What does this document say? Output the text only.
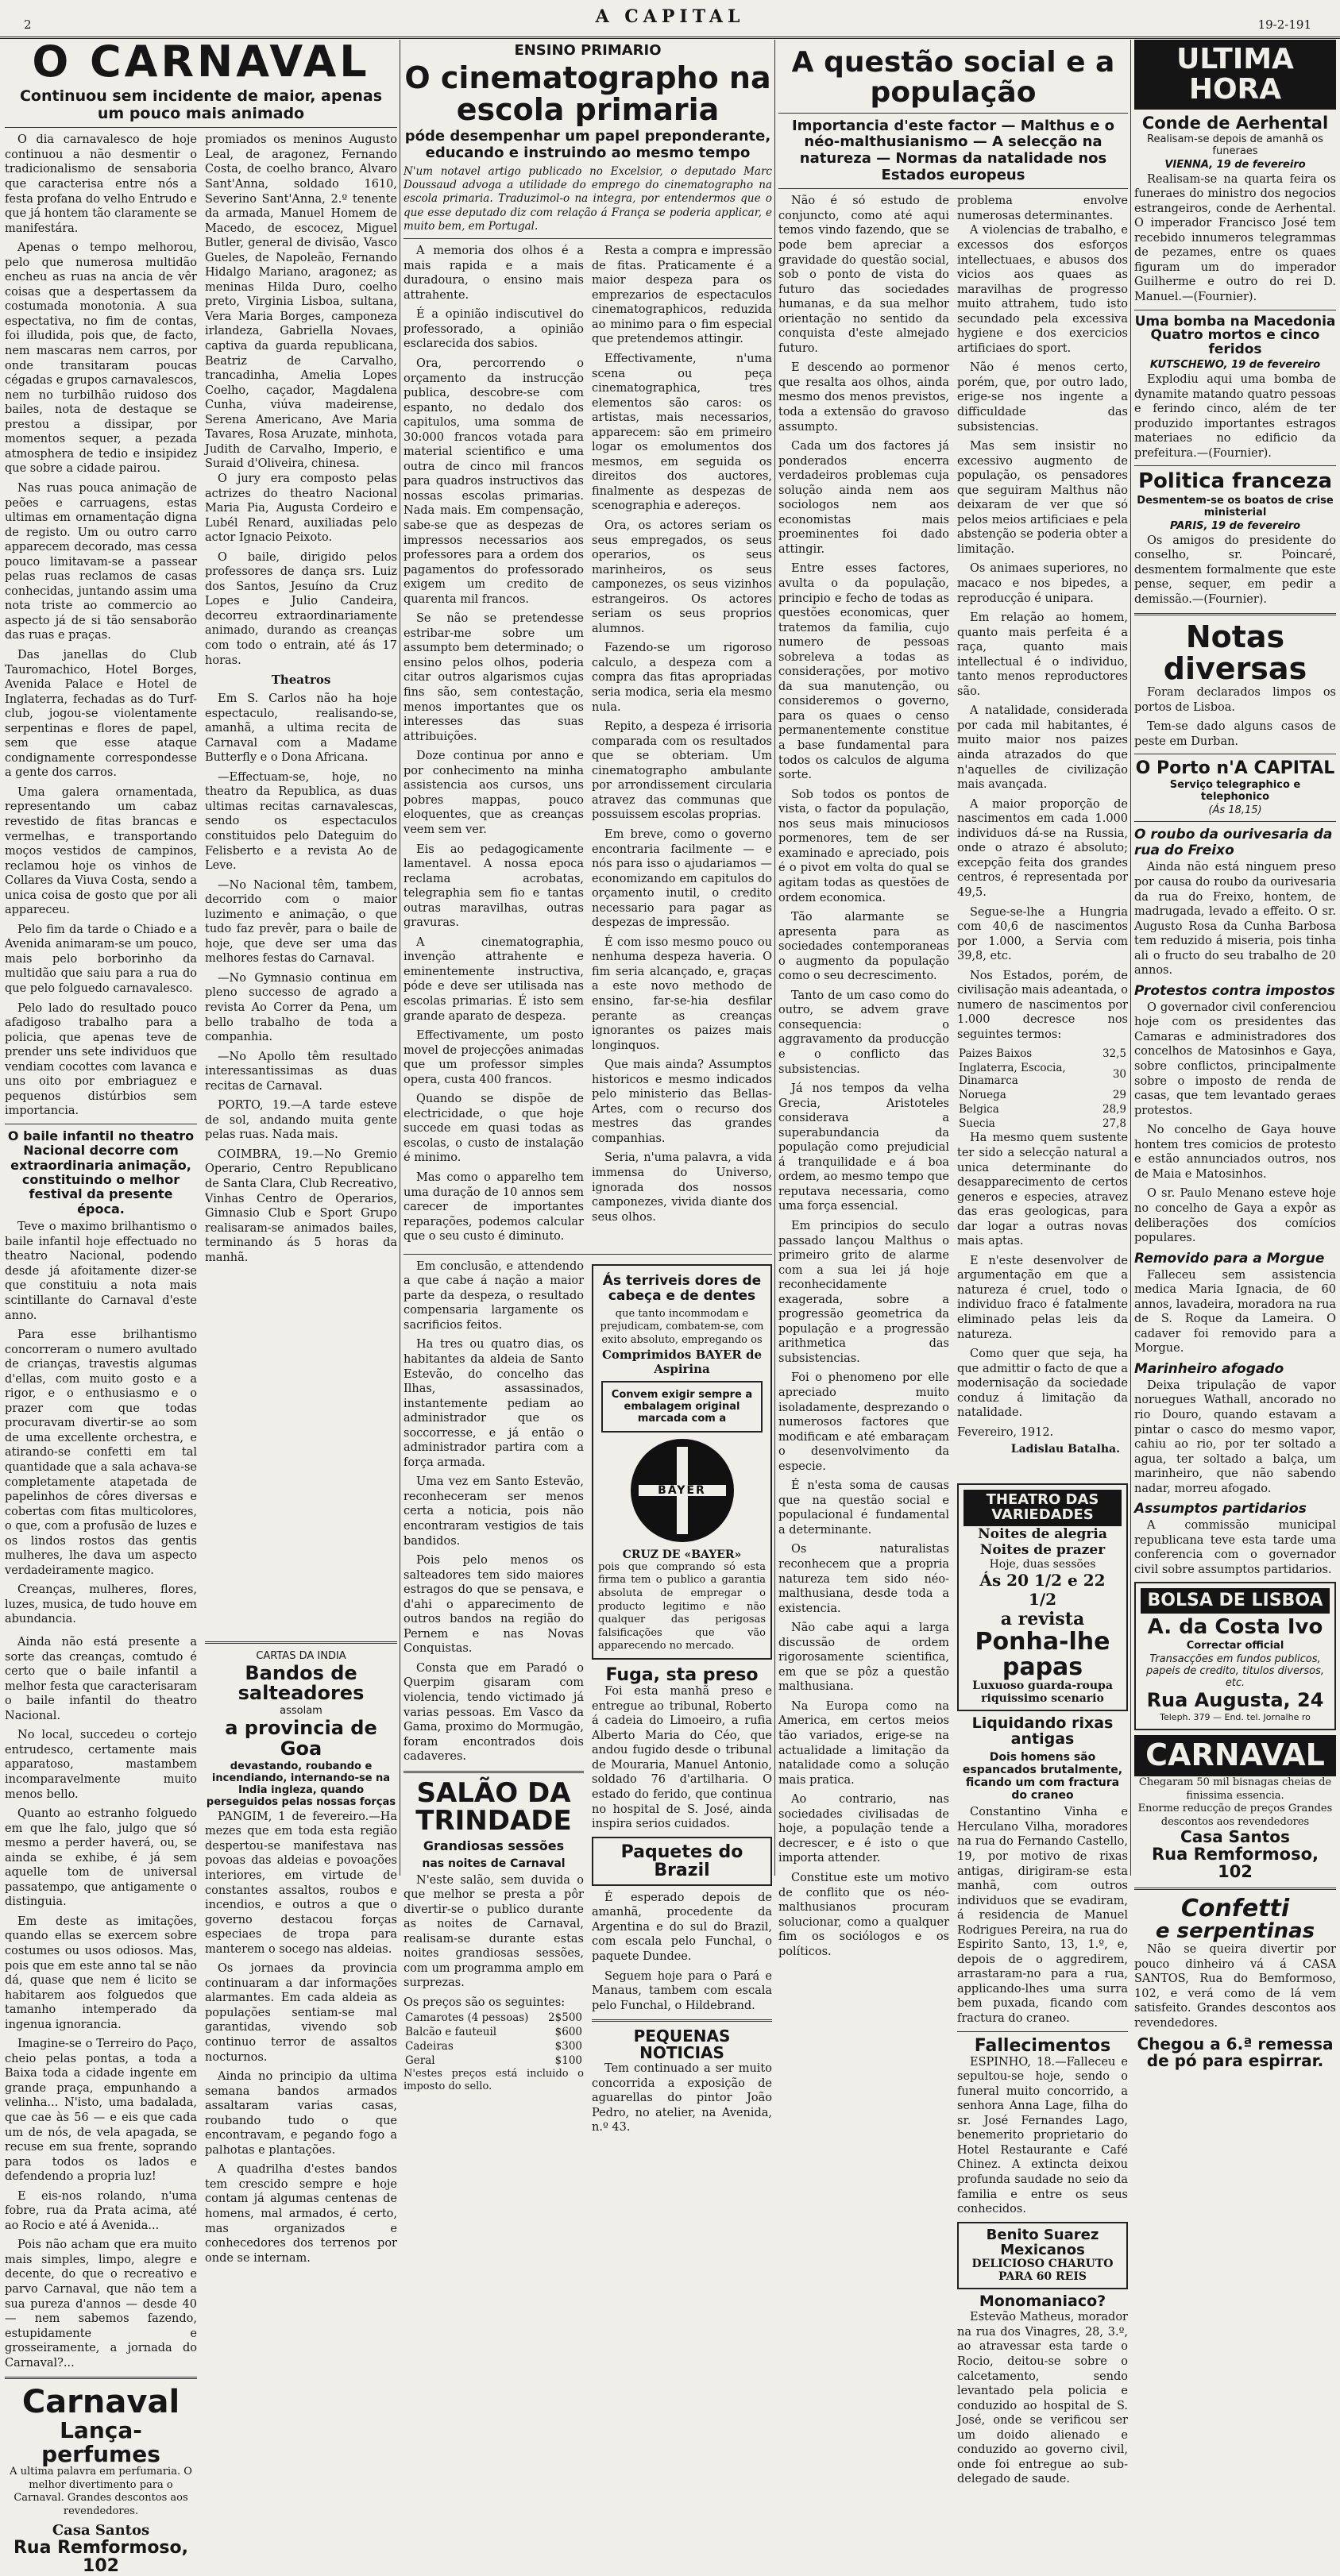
2	A CAPITAL	19-2-191
O CARNAVAL
Continuou sem incidente de maior, apenas um pouco mais animado

O dia carnavalesco de hoje continuou a não desmentir o tradicionalismo de sensaboria que caracterisa entre nós a festa profana do velho Entrudo e que já hontem tão claramente se manifestára.

Apenas o tempo melhorou, pelo que numerosa multidão encheu as ruas na ancia de vêr coisas que a despertassem da costumada monotonia. A sua espectativa, no fim de contas, foi illudida, pois que, de facto, nem mascaras nem carros, por onde transitaram poucas cégadas e grupos carnavalescos, nem no turbilhão ruidoso dos bailes, nota de destaque se prestou a dissipar, por momentos sequer, a pezada atmosphera de tedio e insipidez que sobre a cidade pairou.

Nas ruas pouca animação de peões e carruagens, estas ultimas em ornamentação digna de registo. Um ou outro carro apparecem decorado, mas cessa pouco limitavam-se a passear pelas ruas reclamos de casas conhecidas, juntando assim uma nota triste ao commercio ao aspecto já de si tão sensaborão das ruas e praças.

Das janellas do Club Tauromachico, Hotel Borges, Avenida Palace e Hotel de Inglaterra, fechadas as do Turf-club, jogou-se violentamente serpentinas e flores de papel, sem que esse ataque condignamente correspondesse a gente dos carros.

Uma galera ornamentada, representando um cabaz revestido de fitas brancas e vermelhas, e transportando moços vestidos de campinos, reclamou hoje os vinhos de Collares da Viuva Costa, sendo a unica coisa de gosto que por ali appareceu.

Pelo fim da tarde o Chiado e a Avenida animaram-se um pouco, mais pelo borborinho da multidão que saiu para a rua do que pelo folguedo carnavalesco.

Pelo lado do resultado pouco afadigoso trabalho para a policia, que apenas teve de prender uns sete individuos que vendiam cocottes com lavanca e uns oito por embriaguez e pequenos distúrbios sem importancia.

O baile infantil no theatro Nacional decorre com extraordinaria animação, constituindo o melhor festival da presente época.

Teve o maximo brilhantismo o baile infantil hoje effectuado no theatro Nacional, podendo desde já afoitamente dizer-se que constituiu a nota mais scintillante do Carnaval d'este anno.

Para esse brilhantismo concorreram o numero avultado de crianças, travestis algumas d'ellas, com muito gosto e a rigor, e o enthusiasmo e o prazer com que todas procuravam divertir-se ao som de uma excellente orchestra, e atirando-se confetti em tal quantidade que a sala achava-se completamente atapetada de papelinhos de côres diversas e cobertas com fitas multicolores, o que, com a profusão de luzes e os lindos rostos das gentis mulheres, lhe dava um aspecto verdadeiramente magico.

Creanças, mulheres, flores, luzes, musica, de tudo houve em abundancia.

promiados os meninos Augusto Leal, de aragonez, Fernando Costa, de coelho branco, Alvaro Sant'Anna, soldado 1610, Severino Sant'Anna, 2.º tenente da armada, Manuel Homem de Macedo, de escocez, Miguel Butler, general de divisão, Vasco Gueles, de Napoleão, Fernando Hidalgo Mariano, aragonez; as meninas Hilda Duro, coelho preto, Virginia Lisboa, sultana, Vera Maria Borges, camponeza irlandeza, Gabriella Novaes, captiva da guarda republicana, Beatriz de Carvalho, trancadinha, Amelia Lopes Coelho, caçador, Magdalena Cunha, viúva madeirense, Serena Americano, Ave Maria Tavares, Rosa Aruzate, minhota, Judith de Carvalho, Imperio, e Suraid d'Oliveira, chinesa.

O jury era composto pelas actrizes do theatro Nacional Maria Pia, Augusta Cordeiro e Lubél Renard, auxiliadas pelo actor Ignacio Peixoto.

O baile, dirigido pelos professores de dança srs. Luiz dos Santos, Jesuíno da Cruz Lopes e Julio Candeira, decorreu extraordinariamente animado, durando as creanças com todo o entrain, até ás 17 horas.

Theatros

Em S. Carlos não ha hoje espectaculo, realisando-se, amanhã, a ultima recita de Carnaval com a Madame Butterfly e o Dona Africana.

—Effectuam-se, hoje, no theatro da Republica, as duas ultimas recitas carnavalescas, sendo os espectaculos constituidos pelo Dateguim do Felisberto e a revista Ao de Leve.

—No Nacional têm, tambem, decorrido com o maior luzimento e animação, o que tudo faz prevêr, para o baile de hoje, que deve ser uma das melhores festas do Carnaval.

—No Gymnasio continua em pleno successo de agrado a revista Ao Correr da Pena, um bello trabalho de toda a companhia.

—No Apollo têm resultado interessantissimas as duas recitas de Carnaval.

PORTO, 19.—A tarde esteve de sol, andando muita gente pelas ruas. Nada mais.

COIMBRA, 19.—No Gremio Operario, Centro Republicano de Santa Clara, Club Recreativo, Vinhas Centro de Operarios, Gimnasio Club e Sport Grupo realisaram-se animados bailes, terminando ás 5 horas da manhã.

Ainda não está presente a sorte das creanças, comtudo é certo que o baile infantil a melhor festa que caracterisaram o baile infantil do theatro Nacional.

No local, succedeu o cortejo entrudesco, certamente mais apparatoso, mastambem incomparavelmente muito menos bello.

Quanto ao estranho folguedo em que lhe falo, julgo que só mesmo a perder haverá, ou, se ainda se exhibe, é já sem aquelle tom de universal passatempo, que antigamente o distinguia.

Em deste as imitações, quando ellas se exercem sobre costumes ou usos odiosos. Mas, pois que em este anno tal se não dá, quase que nem é licito se habitarem aos folguedos que tamanho intemperado da ingenua ignorancia.

Imagine-se o Terreiro do Paço, cheio pelas pontas, a toda a Baixa toda a cidade ingente em grande praça, empunhando a velinha... N'isto, uma badalada, que cae às 56 — e eis que cada um de nós, de vela apagada, se recuse em sua frente, soprando para todos os lados e defendendo a propria luz!

E eis-nos rolando, n'uma fobre, rua da Prata acima, até ao Rocio e até á Avenida...

Pois não acham que era muito mais simples, limpo, alegre e decente, do que o recreativo e parvo Carnaval, que não tem a sua pureza d'annos — desde 40 — nem sabemos fazendo, estupidamente e grosseiramente, a jornada do Carnaval?...

Carnaval
Lança-perfumes

A ultima palavra em perfumaria. O melhor divertimento para o Carnaval. Grandes descontos aos revendedores.

Casa Santos
Rua Remformoso, 102
CARTAS DA INDIA
Bandos de salteadores
assolam
a provincia de Goa
devastando, roubando e incendiando, internando-se na India ingleza, quando perseguidos pelas nossas forças

PANGIM, 1 de fevereiro.—Ha mezes que em toda esta região despertou-se manifestava nas povoas das aldeias e povoações interiores, em virtude de constantes assaltos, roubos e incendios, e outros a que o governo destacou forças especiaes de tropa para manterem o socego nas aldeias.

Os jornaes da provincia continuaram a dar informações alarmantes. Em cada aldeia as populações sentiam-se mal garantidas, vivendo sob continuo terror de assaltos nocturnos.

Ainda no principio da ultima semana bandos armados assaltaram varias casas, roubando tudo o que encontravam, e pegando fogo a palhotas e plantações.

A quadrilha d'estes bandos tem crescido sempre e hoje contam já algumas centenas de homens, mal armados, é certo, mas organizados e conhecedores dos terrenos por onde se internam.

ENSINO PRIMARIO
O cinematographo na escola primaria
póde desempenhar um papel preponderante, educando e instruindo ao mesmo tempo

N'um notavel artigo publicado no Excelsior, o deputado Marc Doussaud advoga a utilidade do emprego do cinematographo na escola primaria. Traduzimol-o na integra, por entendermos que o que esse deputado diz com relação á França se poderia applicar, e muito bem, em Portugal.

A memoria dos olhos é a mais rapida e a mais duradoura, o ensino mais attrahente.

É a opinião indiscutivel do professorado, a opinião esclarecida dos sabios.

Ora, percorrendo o orçamento da instrucção publica, descobre-se com espanto, no dedalo dos capitulos, uma somma de 30:000 francos votada para material scientifico e uma outra de cinco mil francos para quadros instructivos das nossas escolas primarias. Nada mais. Em compensação, sabe-se que as despezas de impressos necessarios aos professores para a ordem dos pagamentos do professorado exigem um credito de quarenta mil francos.

Se não se pretendesse estribar-me sobre um assumpto bem determinado; o ensino pelos olhos, poderia citar outros algarismos cujas fins são, sem contestação, menos importantes que os interesses das suas attribuições.

Doze continua por anno e por conhecimento na minha assistencia aos cursos, uns pobres mappas, pouco eloquentes, que as creanças veem sem ver.

Eis ao pedagogicamente lamentavel. A nossa epoca reclama acrobatas, telegraphia sem fio e tantas outras maravilhas, outras gravuras.

A cinematographia, invenção attrahente e eminentemente instructiva, póde e deve ser utilisada nas escolas primarias. É isto sem grande aparato de despeza.

Effectivamente, um posto movel de projecções animadas que um professor simples opera, custa 400 francos.

Quando se dispõe de electricidade, o que hoje succede em quasi todas as escolas, o custo de instalação é minimo.

Mas como o apparelho tem uma duração de 10 annos sem carecer de importantes reparações, podemos calcular que o seu custo é diminuto.

Resta a compra e impressão de fitas. Praticamente é a maior despeza para os emprezarios de espectaculos cinematographicos, reduzida ao minimo para o fim especial que pretendemos attingir.

Effectivamente, n'uma scena ou peça cinematographica, tres elementos são caros: os artistas, mais necessarios, apparecem: são em primeiro logar os emolumentos dos mesmos, em seguida os direitos dos auctores, finalmente as despezas de scenographia e adereços.

Ora, os actores seriam os seus empregados, os seus operarios, os seus marinheiros, os seus camponezes, os seus vizinhos estrangeiros. Os actores seriam os seus proprios alumnos.

Fazendo-se um rigoroso calculo, a despeza com a compra das fitas apropriadas seria modica, seria ela mesmo nula.

Repito, a despeza é irrisoria comparada com os resultados que se obteriam. Um cinematographo ambulante por arrondissement circularia atravez das communas que possuissem escolas proprias.

Em breve, como o governo encontraria facilmente — e nós para isso o ajudariamos — economizando em capitulos do orçamento inutil, o credito necessario para pagar as despezas de impressão.

É com isso mesmo pouco ou nenhuma despeza haveria. O fim seria alcançado, e, graças a este novo methodo de ensino, far-se-hia desfilar perante as creanças ignorantes os paizes mais longinquos.

Que mais ainda? Assumptos historicos e mesmo indicados pelo ministerio das Bellas-Artes, com o recurso dos mestres das grandes companhias.

Seria, n'uma palavra, a vida immensa do Universo, ignorada dos nossos camponezes, vivida diante dos seus olhos.

Em conclusão, e attendendo a que cabe á nação a maior parte da despeza, o resultado compensaria largamente os sacrificios feitos.

Ha tres ou quatro dias, os habitantes da aldeia de Santo Estevão, do concelho das Ilhas, assassinados, instantemente pediam ao administrador que os soccorresse, e já então o administrador partira com a força armada.

Uma vez em Santo Estevão, reconheceram ser menos certa a noticia, pois não encontraram vestigios de tais bandidos.

Pois pelo menos os salteadores tem sido maiores estragos do que se pensava, e d'ahi o apparecimento de outros bandos na região do Pernem e nas Novas Conquistas.

Consta que em Paradó o Querpim gisaram com violencia, tendo victimado já varias pessoas. Em Vasco da Gama, proximo do Mormugão, foram encontrados dois cadaveres.

SALÃO DA TRINDADE
Grandiosas sessões
nas noites de Carnaval

N'este salão, sem duvida o que melhor se presta a pôr divertir-se o publico durante as noites de Carnaval, realisam-se durante estas noites grandiosas sessões, com um programma amplo em surprezas.

Os preços são os seguintes:

Camarotes (4 pessoas)	2$500
Balcão e fauteuil	$600
Cadeiras	$300
Geral	$100

N'estes preços está incluido o imposto do sello.

Ás terriveis dores de cabeça e de dentes

que tanto incommodam e prejudicam, combatem-se, com exito absoluto, empregando os

Comprimidos BAYER de Aspirina
Convem exigir sempre a embalagem original marcada com a
BAYER
CRUZ DE «BAYER»

pois que comprando só esta firma tem o publico a garantia absoluta de empregar o producto legitimo e não qualquer das perigosas falsificações que vão apparecendo no mercado.

Fuga, sta preso

Foi esta manhã preso e entregue ao tribunal, Roberto á cadeia do Limoeiro, a rufia Alberto Maria do Céo, que andou fugido desde o tribunal de Mouraria, Manuel Antonio, soldado 76 d'artilharia. O estado do ferido, que continua no hospital de S. José, ainda inspira serios cuidados.

Paquetes do Brazil

É esperado depois de amanhã, procedente da Argentina e do sul do Brazil, com escala pelo Funchal, o paquete Dundee.

Seguem hoje para o Pará e Manaus, tambem com escala pelo Funchal, o Hildebrand.

PEQUENAS NOTICIAS

Tem continuado a ser muito concorrida a exposição de aguarellas do pintor João Pedro, no atelier, na Avenida, n.º 43.

A questão social e a população
Importancia d'este factor — Malthus e o néo-malthusianismo — A selecção na natureza — Normas da natalidade nos Estados europeus

Não é só estudo de conjuncto, como até aqui temos vindo fazendo, que se pode bem apreciar a gravidade do questão social, sob o ponto de vista do futuro das sociedades humanas, e da sua melhor orientação no sentido da conquista d'este almejado futuro.

E descendo ao pormenor que resalta aos olhos, ainda mesmo dos menos previstos, toda a extensão do gravoso assumpto.

Cada um dos factores já ponderados encerra verdadeiros problemas cuja solução ainda nem aos sociologos nem aos economistas mais proeminentes foi dado attingir.

Entre esses factores, avulta o da população, principio e fecho de todas as questões economicas, quer tratemos da familia, cujo numero de pessoas sobreleva a todas as considerações, por motivo da sua manutenção, ou consideremos o governo, para os quaes o censo permanentemente constitue a base fundamental para todos os calculos de alguma sorte.

Sob todos os pontos de vista, o factor da população, nos seus mais minuciosos pormenores, tem de ser examinado e apreciado, pois é o pivot em volta do qual se agitam todas as questões de ordem economica.

Tão alarmante se apresenta para as sociedades contemporaneas o augmento da população como o seu decrescimento.

Tanto de um caso como do outro, se advem grave consequencia: o aggravamento da producção e o conflicto das subsistencias.

Já nos tempos da velha Grecia, Aristoteles considerava a superabundancia da população como prejudicial á tranquilidade e á boa ordem, ao mesmo tempo que reputava necessaria, como uma força essencial.

Em principios do seculo passado lançou Malthus o primeiro grito de alarme com a sua lei já hoje reconhecidamente exagerada, sobre a progressão geometrica da população e a progressão arithmetica das subsistencias.

Foi o phenomeno por elle apreciado muito isoladamente, desprezando o numerosos factores que modificam e até embaraçam o desenvolvimento da especie.

problema envolve numerosas determinantes.

A violencias de trabalho, e excessos dos esforços intellectuaes, e abusos dos vicios aos quaes as maravilhas de progresso muito attrahem, tudo isto secundado pela excessiva hygiene e dos exercicios artificiaes do sport.

Não é menos certo, porém, que, por outro lado, erige-se nos ingente a difficuldade das subsistencias.

Mas sem insistir no excessivo augmento de população, os pensadores que seguiram Malthus não deixaram de ver que só pelos meios artificiaes e pela abstenção se poderia obter a limitação.

Os animaes superiores, no macaco e nos bipedes, a reproducção é unipara.

Em relação ao homem, quanto mais perfeita é a raça, quanto mais intellectual é o individuo, tanto menos reproductores são.

A natalidade, considerada por cada mil habitantes, é muito maior nos paizes ainda atrazados do que n'aquelles de civilização mais avançada.

A maior proporção de nascimentos em cada 1.000 individuos dá-se na Russia, onde o atrazo é absoluto; excepção feita dos grandes centros, é representada por 49,5.

Segue-se-lhe a Hungria com 40,6 de nascimentos por 1.000, a Servia com 39,8, etc.

Nos Estados, porém, de civilisação mais adeantada, o numero de nascimentos por 1.000 decresce nos seguintes termos:

Paizes Baixos	32,5
Inglaterra, Escocia, Dinamarca	30
Noruega	29
Belgica	28,9
Suecia	27,8

Ha mesmo quem sustente ter sido a selecção natural a unica determinante do desapparecimento de certos generos e especies, atravez das eras geologicas, para dar logar a outras novas mais aptas.

E n'este desenvolver de argumentação em que a natureza é cruel, todo o individuo fraco é fatalmente eliminado pelas leis da natureza.

Como quer que seja, ha que admittir o facto de que a modernisação da sociedade conduz á limitação da natalidade.

Fevereiro, 1912.

Ladislau Batalha.

É n'esta soma de causas que na questão social e populacional é fundamental a determinante.

Os naturalistas reconhecem que a propria natureza tem sido néo-malthusiana, desde toda a existencia.

Não cabe aqui a larga discussão de ordem rigorosamente scientifica, em que se pôz a questão malthusiana.

Na Europa como na America, em certos meios tão variados, erige-se na actualidade a limitação da natalidade como a solução mais pratica.

Ao contrario, nas sociedades civilisadas de hoje, a população tende a decrescer, e é isto o que importa attender.

Constitue este um motivo de conflito que os néo-malthusianos procuram solucionar, como a qualquer fim os sociólogos e os políticos.

THEATRO DAS VARIEDADES
Noites de alegria
Noites de prazer
Hoje, duas sessões
Ás 20 1/2 e 22 1/2
a revista
Ponha-lhe papas
Luxuoso guarda-roupa riquissimo scenario
Liquidando rixas antigas
Dois homens são espancados brutalmente, ficando um com fractura do craneo

Constantino Vinha e Herculano Vilha, moradores na rua do Fernando Castello, 19, por motivo de rixas antigas, dirigiram-se esta manhã, com outros individuos que se evadiram, á residencia de Manuel Rodrigues Pereira, na rua do Espirito Santo, 13, 1.º, e, depois de o aggredirem, arrastaram-no para a rua, applicando-lhes uma surra bem puxada, ficando com fractura do craneo.

Fallecimentos

ESPINHO, 18.—Falleceu e sepultou-se hoje, sendo o funeral muito concorrido, a senhora Anna Lage, filha do sr. José Fernandes Lago, benemerito proprietario do Hotel Restaurante e Café Chinez. A extincta deixou profunda saudade no seio da familia e entre os seus conhecidos.

Benito Suarez Mexicanos
DELICIOSO CHARUTO PARA 60 REIS
Monomaniaco?

Estevão Matheus, morador na rua dos Vinagres, 28, 3.º, ao atravessar esta tarde o Rocio, deitou-se sobre o calcetamento, sendo levantado pela policia e conduzido ao hospital de S. José, onde se verificou ser um doido alienado e conduzido ao governo civil, onde foi entregue ao sub-delegado de saude.

ULTIMA HORA
Conde de Aerhental
Realisam-se depois de amanhã os funeraes
VIENNA, 19 de fevereiro

Realisam-se na quarta feira os funeraes do ministro dos negocios estrangeiros, conde de Aerhental. O imperador Francisco José tem recebido innumeros telegrammas de pezames, entre os quaes figuram um do imperador Guilherme e outro do rei D. Manuel.—(Fournier).

Uma bomba na Macedonia
Quatro mortos e cinco feridos
KUTSCHEWO, 19 de fevereiro

Explodiu aqui uma bomba de dynamite matando quatro pessoas e ferindo cinco, além de ter produzido importantes estragos materiaes no edificio da prefeitura.—(Fournier).

Politica franceza
Desmentem-se os boatos de crise ministerial
PARIS, 19 de fevereiro

Os amigos do presidente do conselho, sr. Poincaré, desmentem formalmente que este pense, sequer, em pedir a demissão.—(Fournier).

Notas diversas

Foram declarados limpos os portos de Lisboa.

Tem-se dado alguns casos de peste em Durban.

O Porto n'A CAPITAL
Serviço telegraphico e telephonico
(Ás 18,15)
O roubo da ourivesaria da rua do Freixo

Ainda não está ninguem preso por causa do roubo da ourivesaria da rua do Freixo, hontem, de madrugada, levado a effeito. O sr. Augusto Rosa da Cunha Barbosa tem reduzido á miseria, pois tinha ali o fructo do seu trabalho de 20 annos.

Protestos contra impostos

O governador civil conferenciou hoje com os presidentes das Camaras e administradores dos concelhos de Matosinhos e Gaya, sobre conflictos, principalmente sobre o imposto de renda de casas, que tem levantado geraes protestos.

No concelho de Gaya houve hontem tres comicios de protesto e estão annunciados outros, nos de Maia e Matosinhos.

O sr. Paulo Menano esteve hoje no concelho de Gaya a expôr as deliberações dos comícios populares.

Removido para a Morgue

Falleceu sem assistencia medica Maria Ignacia, de 60 annos, lavadeira, moradora na rua de S. Roque da Lameira. O cadaver foi removido para a Morgue.

Marinheiro afogado

Deixa tripulação de vapor noruegues Wathall, ancorado no rio Douro, quando estavam a pintar o casco do mesmo vapor, cahiu ao rio, por ter soltado a agua, ter soltado a balça, um marinheiro, que não sabendo nadar, morreu afogado.

Assumptos partidarios

A commissão municipal republicana teve esta tarde uma conferencia com o governador civil sobre assumptos partidarios.

BOLSA DE LISBOA
A. da Costa Ivo
Correctar official
Transacções em fundos publicos, papeis de credito, titulos diversos, etc.
Rua Augusta, 24
Teleph. 379 — End. tel. Jornalhe ro
CARNAVAL

Chegaram 50 mil bisnagas cheias de finissima essencia.

Enorme reducção de preços Grandes descontos aos revendedores

Casa Santos
Rua Remformoso, 102
Confetti
e serpentinas

Não se queira divertir por pouco dinheiro vá á CASA SANTOS, Rua do Bemformoso, 102, e verá como de lá vem satisfeito. Grandes descontos aos revendedores.

Chegou a 6.ª remessa de pó para espirrar.
